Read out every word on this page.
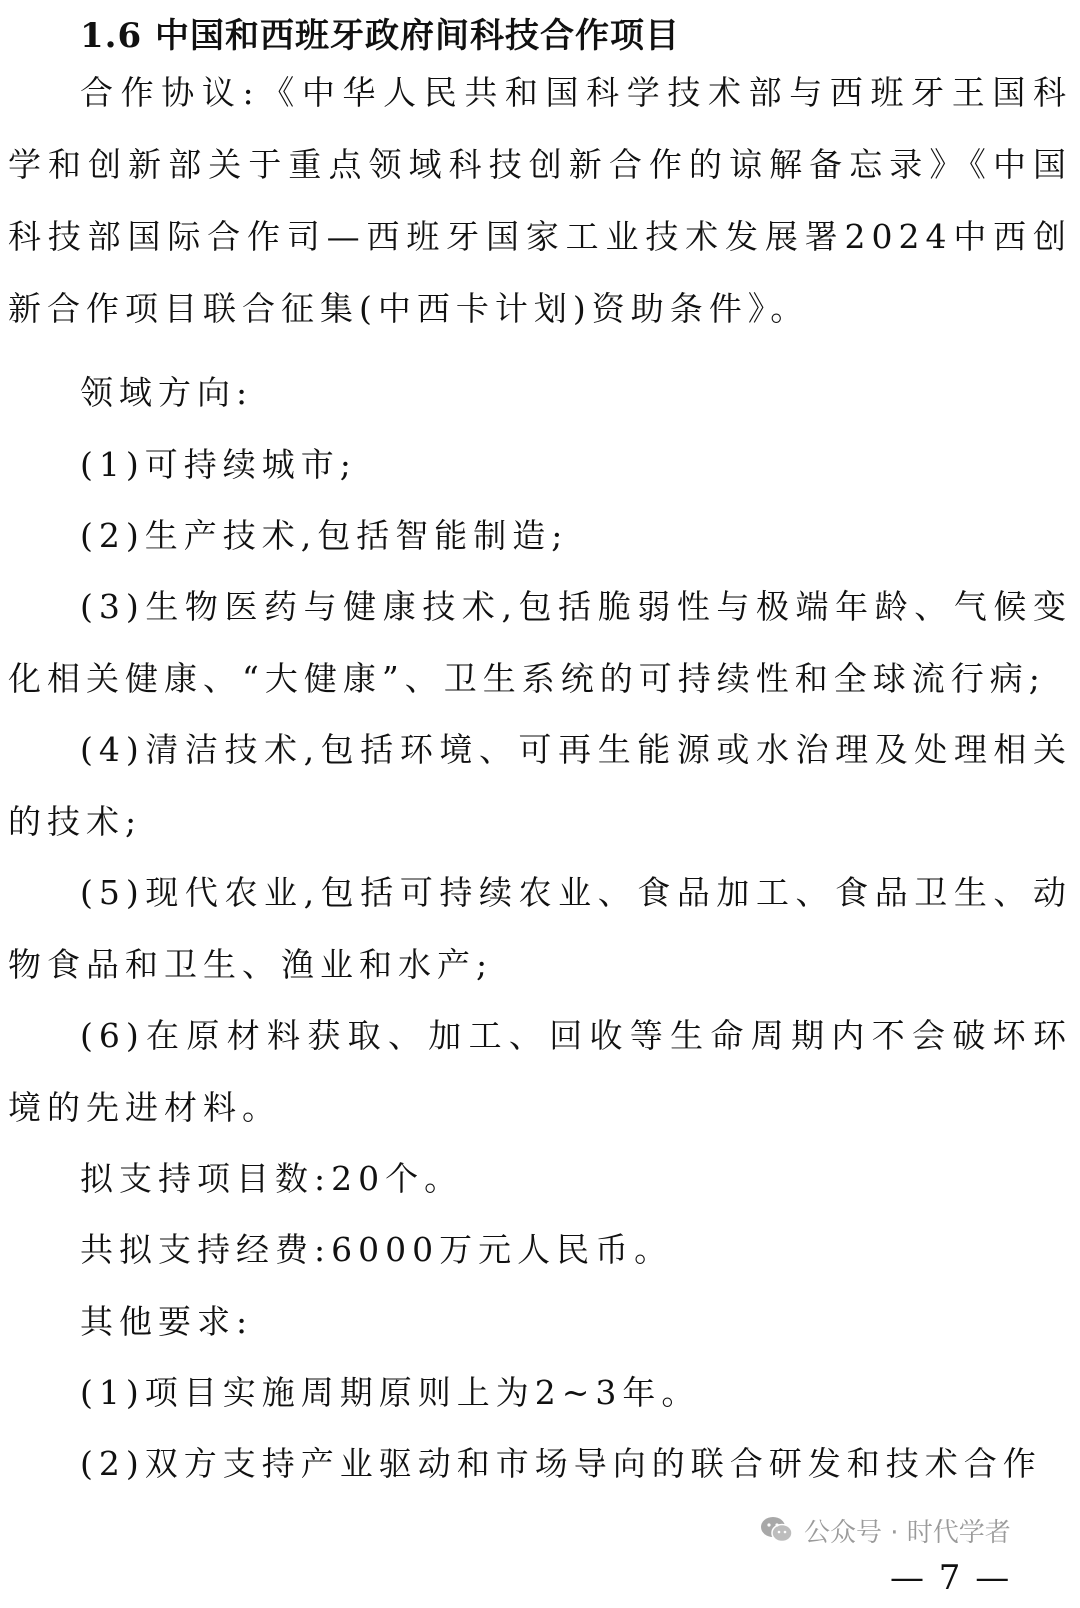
1.6 中国和西班牙政府间科技合作项目
合作协议:《中华人民共和国科学技术部与西班牙王国科学和创新部关于重点领域科技创新合作的谅解备忘录》《中国科技部国际合作司—西班牙国家工业技术发展署2024中西创新合作项目联合征集(中西卡计划)资助条件》。
领域方向:
(1)可持续城市;
(2)生产技术,包括智能制造;
(3)生物医药与健康技术,包括脆弱性与极端年龄、气候变化相关健康、“大健康”、卫生系统的可持续性和全球流行病;
(4)清洁技术,包括环境、可再生能源或水治理及处理相关的技术;
(5)现代农业,包括可持续农业、食品加工、食品卫生、动物食品和卫生、渔业和水产;
(6)在原材料获取、加工、回收等生命周期内不会破坏环境的先进材料。
拟支持项目数:20个。
共拟支持经费:6000万元人民币。
其他要求:
(1)项目实施周期原则上为2~3年。
(2)双方支持产业驱动和市场导向的联合研发和技术合作
公众号 · 时代学者
— 7 —
